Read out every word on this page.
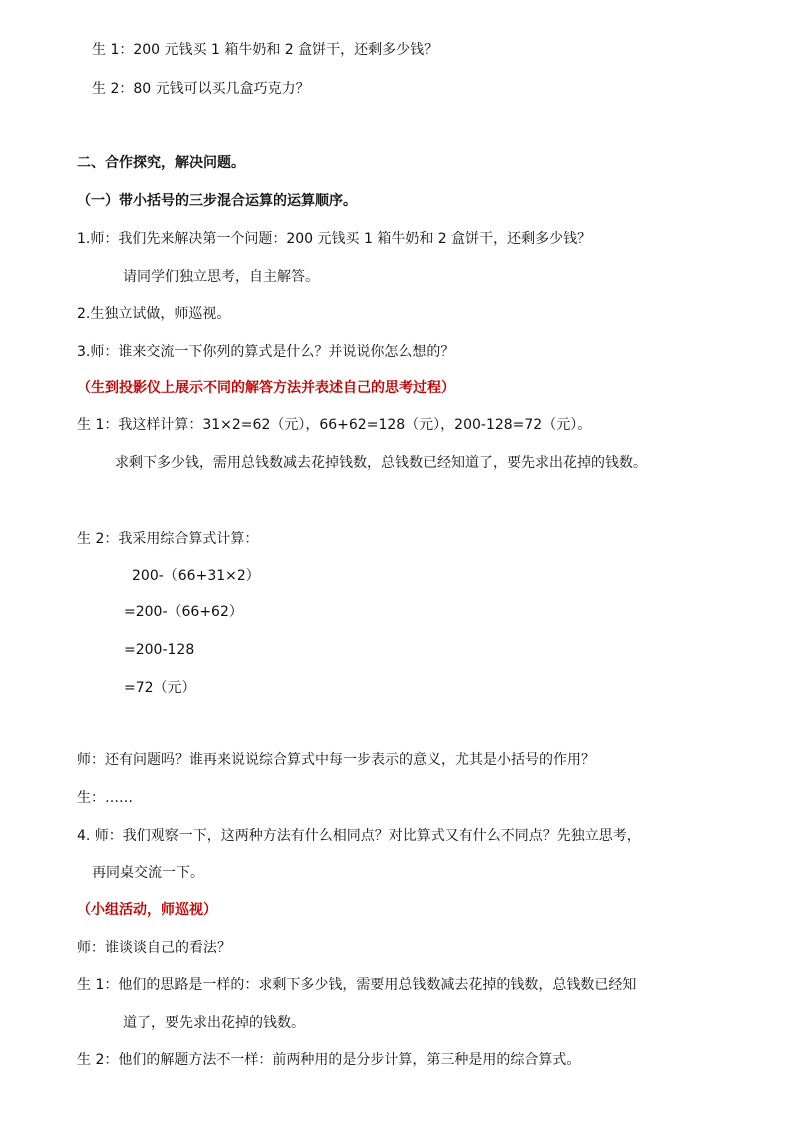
生 1：200 元钱买 1 箱牛奶和 2 盒饼干，还剩多少钱？
生 2：80 元钱可以买几盒巧克力？
二、合作探究，解决问题。
（一）带小括号的三步混合运算的运算顺序。
1.师：我们先来解决第一个问题：200 元钱买 1 箱牛奶和 2 盒饼干，还剩多少钱？
请同学们独立思考，自主解答。
2.生独立试做，师巡视。
3.师：谁来交流一下你列的算式是什么？并说说你怎么想的？
（生到投影仪上展示不同的解答方法并表述自己的思考过程）
生 1：我这样计算：31×2=62（元），66+62=128（元），200-128=72（元）。
求剩下多少钱，需用总钱数减去花掉钱数，总钱数已经知道了，要先求出花掉的钱数。
生 2：我采用综合算式计算：
200-（66+31×2）
=200-（66+62）
=200-128
=72（元）
师：还有问题吗？谁再来说说综合算式中每一步表示的意义，尤其是小括号的作用？
生：……
4. 师：我们观察一下，这两种方法有什么相同点？对比算式又有什么不同点？先独立思考，
再同桌交流一下。
（小组活动，师巡视）
师：谁谈谈自己的看法？
生 1：他们的思路是一样的：求剩下多少钱，需要用总钱数减去花掉的钱数，总钱数已经知
道了，要先求出花掉的钱数。
生 2：他们的解题方法不一样：前两种用的是分步计算，第三种是用的综合算式。
